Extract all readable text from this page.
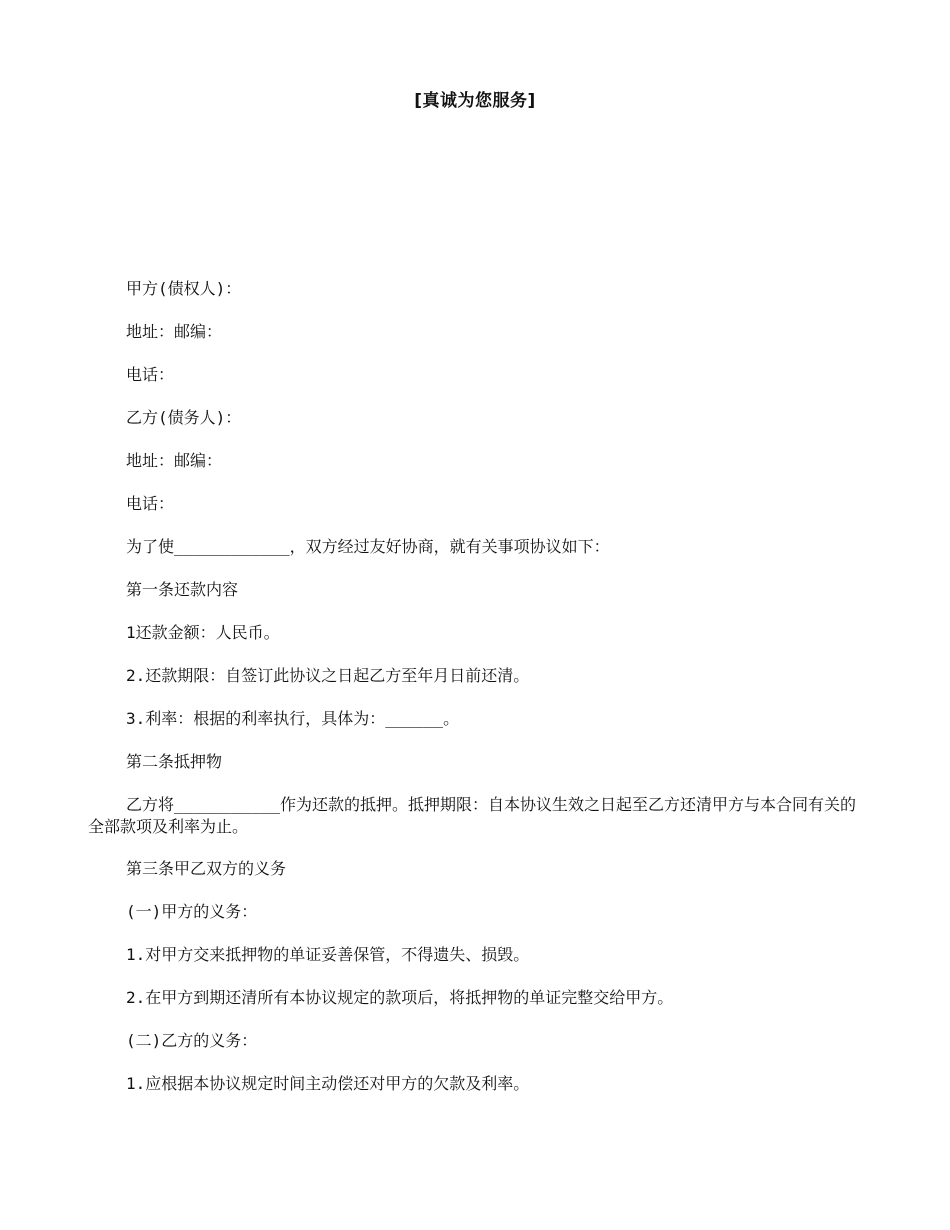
[真诚为您服务]

甲方(债权人)：

地址：邮编：

电话：

乙方(债务人)：

地址：邮编：

电话：

为了使____________，双方经过友好协商，就有关事项协议如下：

第一条还款内容

1还款金额：人民币。

2.还款期限：自签订此协议之日起乙方至年月日前还清。

3.利率：根据的利率执行，具体为：______。

第二条抵押物

乙方将___________作为还款的抵押。抵押期限：自本协议生效之日起至乙方还清甲方与本合同有关的全部款项及利率为止。

第三条甲乙双方的义务

(一)甲方的义务：

1.对甲方交来抵押物的单证妥善保管，不得遗失、损毁。

2.在甲方到期还清所有本协议规定的款项后，将抵押物的单证完整交给甲方。

(二)乙方的义务：

1.应根据本协议规定时间主动偿还对甲方的欠款及利率。
